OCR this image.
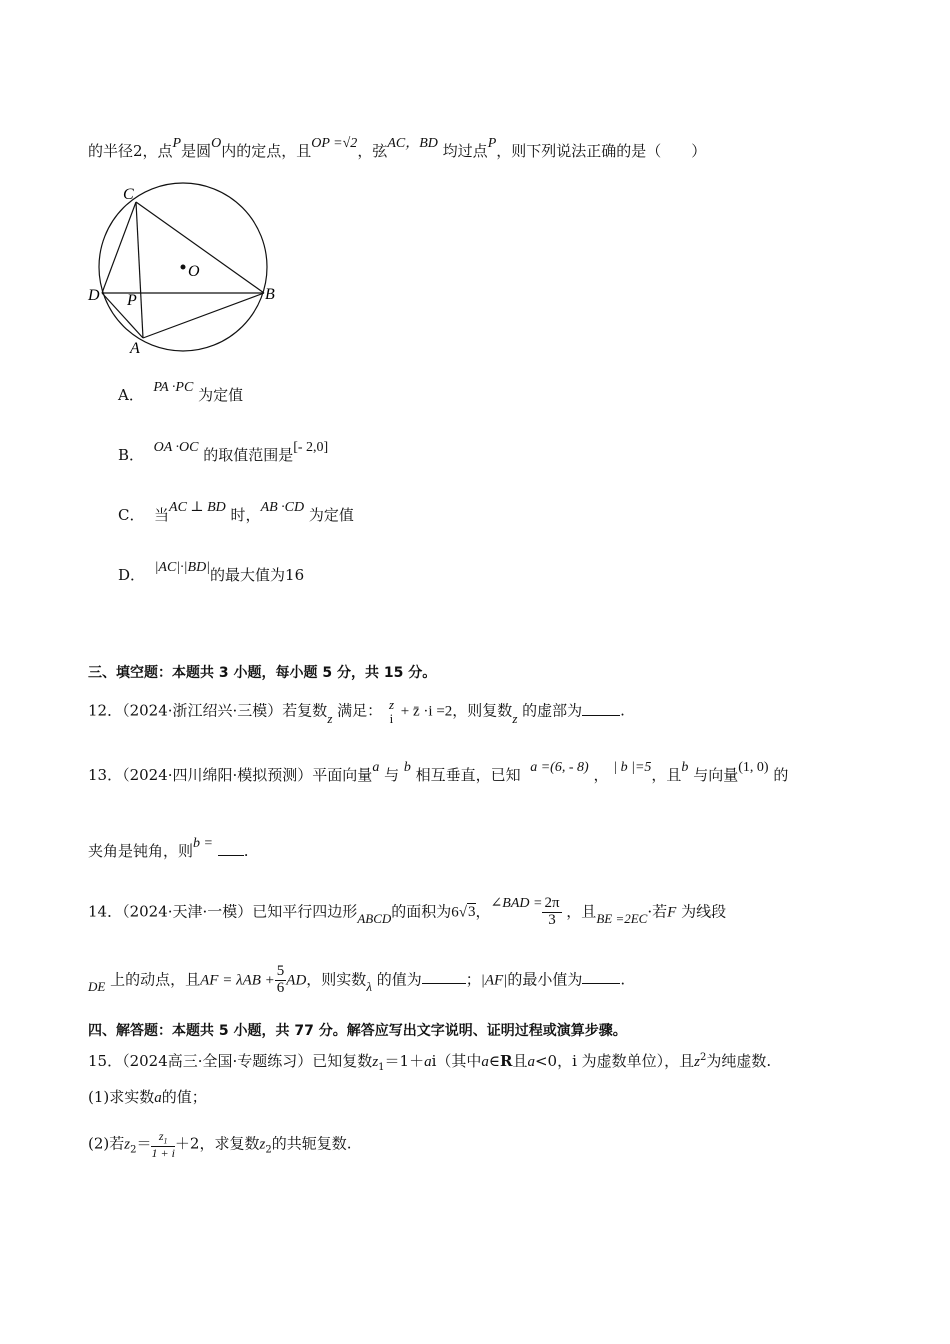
的半径2，点P是圆O内的定点，且OP =√2，弦AC，BD 均过点P，则下列说法正确的是（　　）
C
O
D P	B
A
A． PA ·PC 为定值
B． OA ·OC 的取值范围是[- 2,0]
C． 当AC ⊥ BD 时，AB ·CD 为定值
D． |AC|·|BD|的最大值为16
三、填空题：本题共 3 小题，每小题 5 分，共 15 分。
12．（2024·浙江绍兴·三模）若复数z 满足： z
i + z̄ ·i =2，则复数z 的虚部为	.
13．（2024·四川绵阳·模拟预测）平面向量a 与 b 相互垂直，已知 a =(6, - 8) ， | b |=5，且b 与向量(1, 0) 的
夹角是钝角，则b = .
14．（2024·天津·一模）已知平行四边形ABCD的面积为6√3，∠BAD = $\frac{2\pi}{3}$ ，且BE =2EC·若F 为线段
DE 上的动点，且AF = $\lambda AB + \frac{5}{6}$ AD，则实数λ 的值为	；|AF|的最小值为	.
四、解答题：本题共 5 小题，共 77 分。解答应写出文字说明、证明过程或演算步骤。
15．（2024高三·全国·专题练习）已知复数$z_1=1+ai$（其中a∈R且a<0，i 为虚数单位），且$z^2$为纯虚数.
(1)求实数a的值；
(2)若$z_2= \frac{z_1}{1 + i} +2$，求复数$z_2$的共轭复数.
